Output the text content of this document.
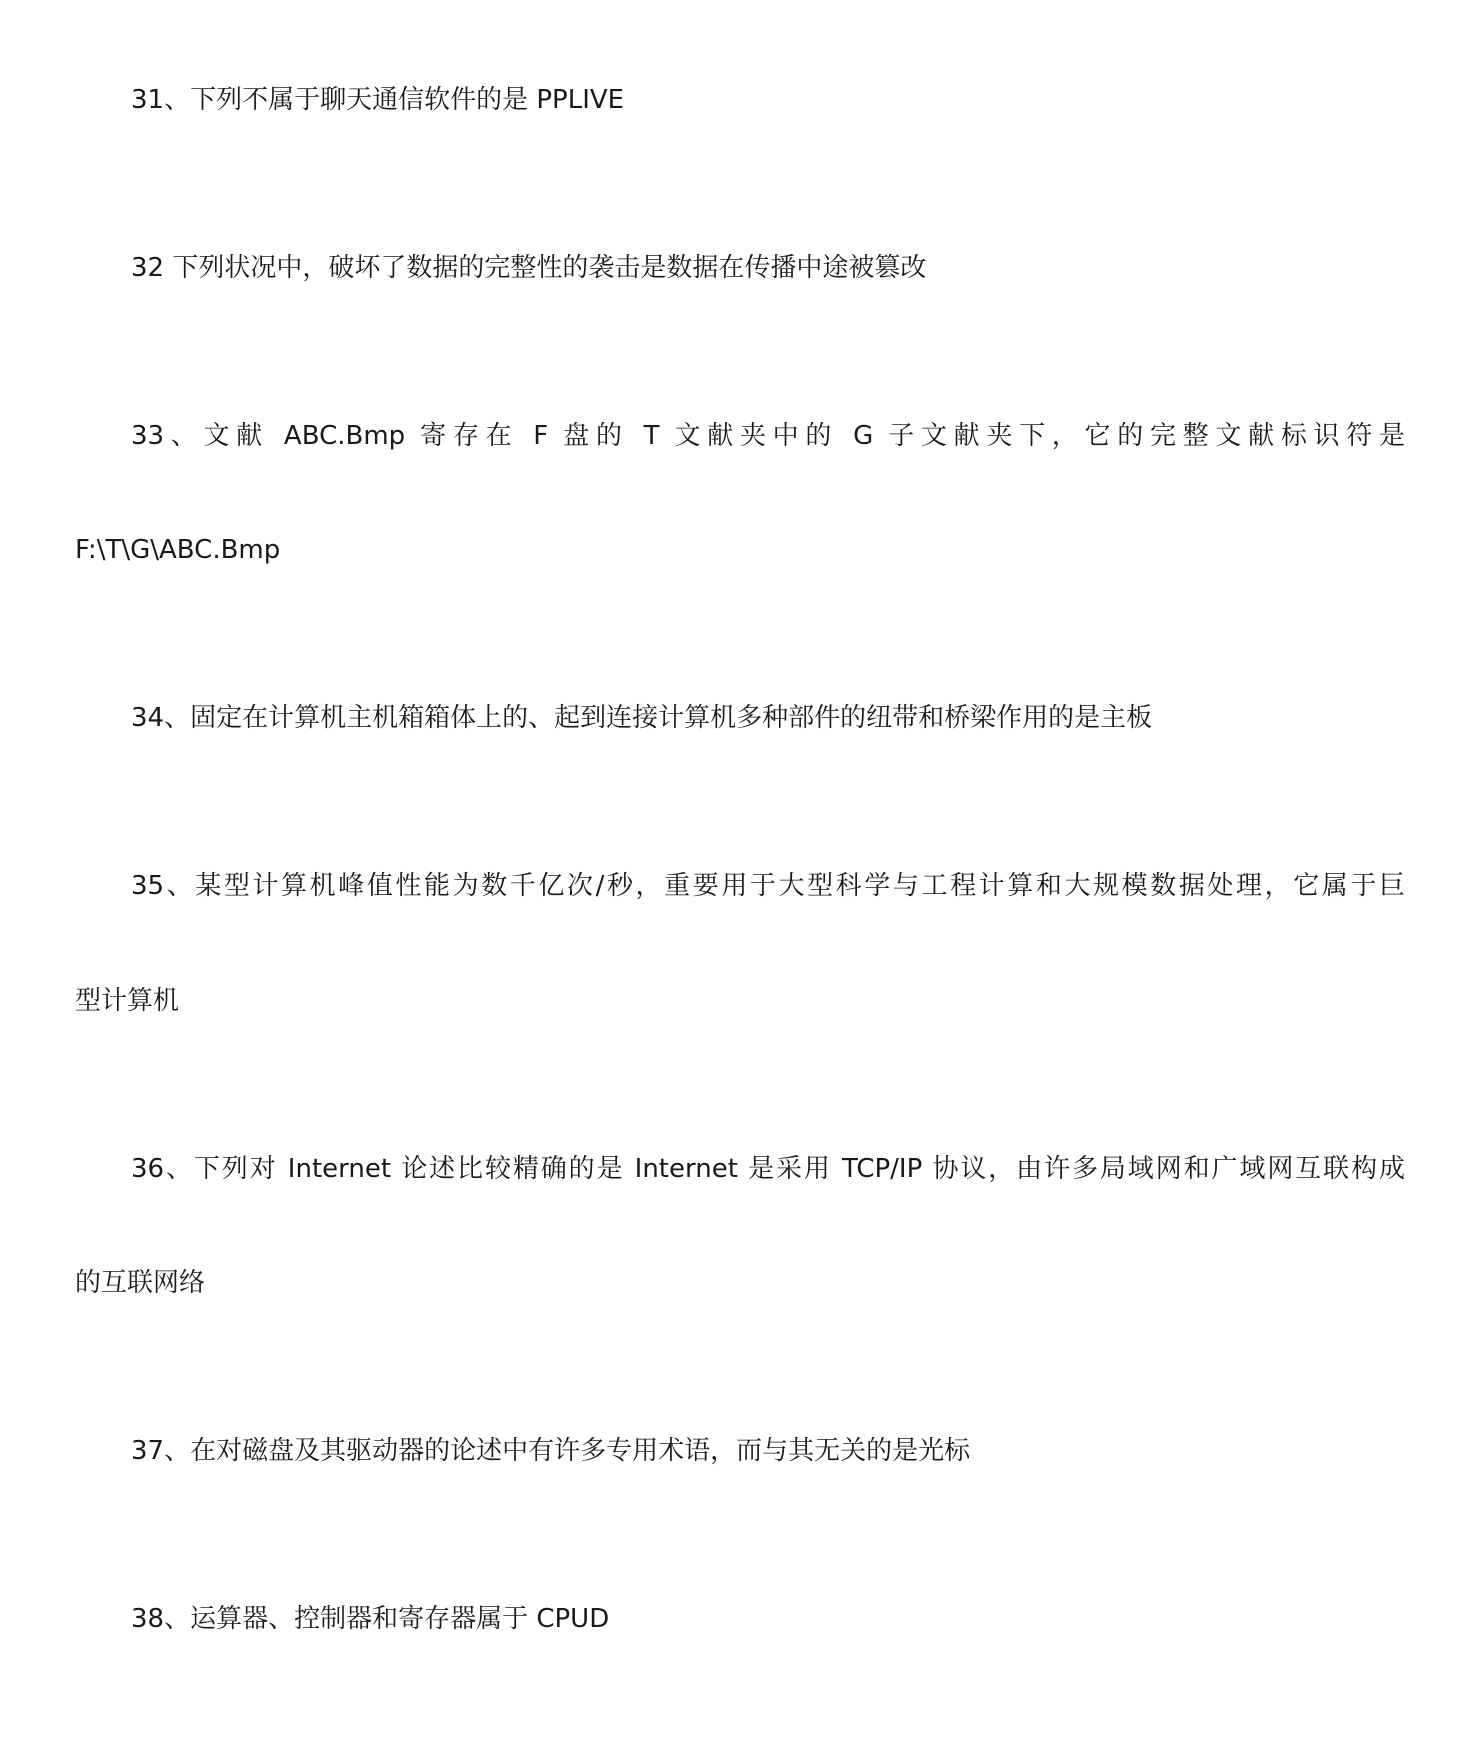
31、下列不属于聊天通信软件的是 PPLIVE
32 下列状况中，破坏了数据的完整性的袭击是数据在传播中途被篡改
33、文献 ABC.Bmp 寄存在 F 盘的 T 文献夹中的 G 子文献夹下，它的完整文献标识符是
F:\T\G\ABC.Bmp
34、固定在计算机主机箱箱体上的、起到连接计算机多种部件的纽带和桥梁作用的是主板
35、某型计算机峰值性能为数千亿次/秒，重要用于大型科学与工程计算和大规模数据处理，它属于巨
型计算机
36、下列对 Internet 论述比较精确的是 Internet 是采用 TCP/IP 协议，由许多局域网和广域网互联构成
的互联网络
37、在对磁盘及其驱动器的论述中有许多专用术语，而与其无关的是光标
38、运算器、控制器和寄存器属于 CPUD
